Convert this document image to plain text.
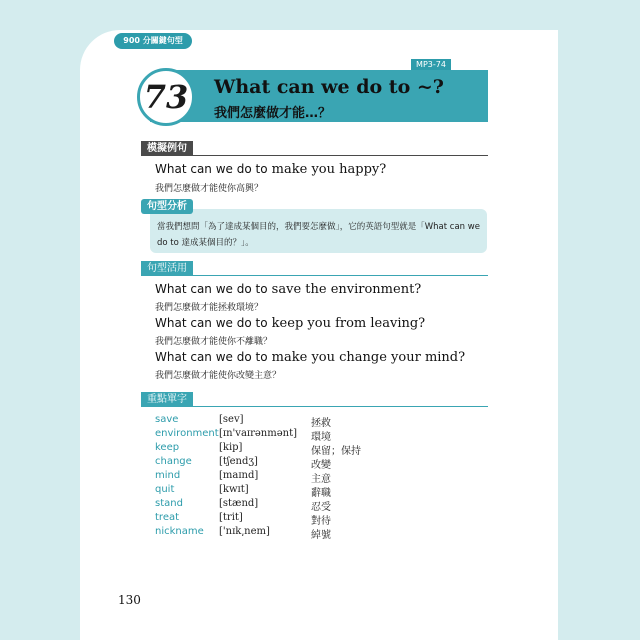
900 分關鍵句型
MP3-74
73 What can we do to ~?
我們怎麼做才能…？
模擬例句
What can we do to make you happy?
我們怎麼做才能使你高興？
句型分析
當我們想問「為了達成某個目的，我們要怎麼做」，它的英語句型就是「What can we do to 達成某個目的？」。
句型活用
What can we do to save the environment?
我們怎麼做才能拯救環境？
What can we do to keep you from leaving?
我們怎麼做才能使你不離職？
What can we do to make you change your mind?
我們怎麼做才能使你改變主意？
重點單字
save	[sev]	拯救
environment [ɪn'vaɪrənmənt] 環境
keep	[kip]	保留；保持
change	[tʃendʒ]	改變
mind	[maɪnd]	主意
quit	[kwɪt]	辭職
stand	[stænd]	忍受
treat	[trit]	對待
nickname ['nɪk͵nem]	綽號
130
